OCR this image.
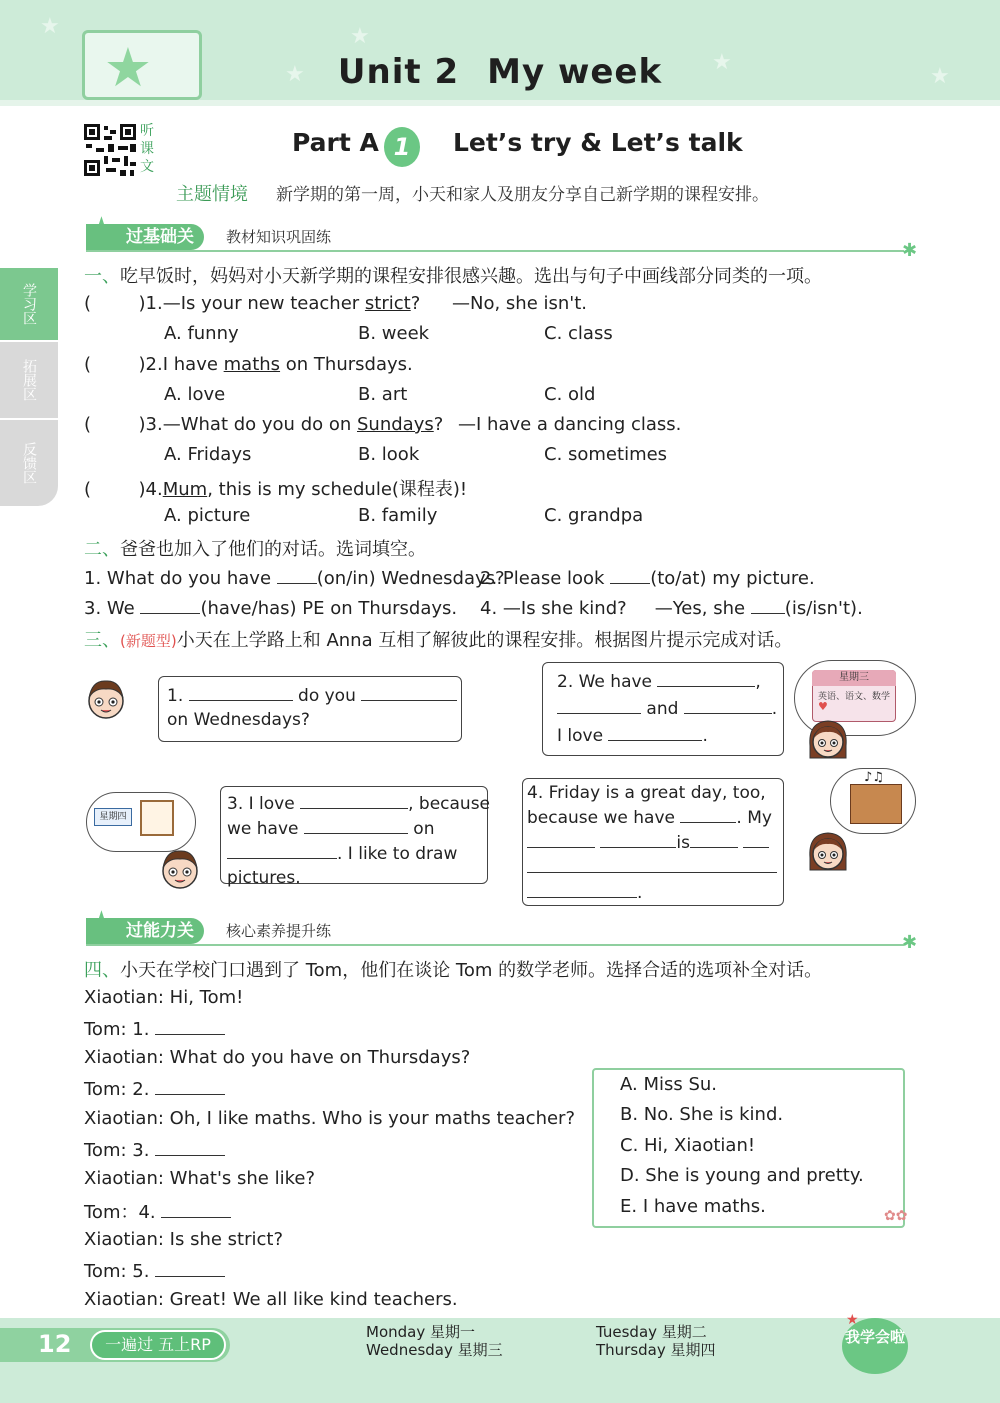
★	★
★	★
★
★	Unit 2 My week
听课文
Part A 1	Let’s try & Let’s talk
主题情境 新学期的第一周，小天和家人及朋友分享自己新学期的课程安排。
学习区
拓展区
反馈区
过基础关	教材知识巩固练
✱
一、吃早饭时，妈妈对小天新学期的课程安排很感兴趣。选出与句子中画线部分同类的一项。
(	)1.—Is your new teacher strict? —No, she isn't.
A. funny	B. week	C. class
(	)2.I have maths on Thursdays.
A. love	B. art	C. old
(	)3.—What do you do on Sundays? —I have a dancing class.
A. Fridays	B. look	C. sometimes
(	)4.Mum, this is my schedule(课程表)!
A. picture	B. family	C. grandpa
二、爸爸也加入了他们的对话。选词填空。
1. What do you have (on/in) Wednesdays?
2. Please look (to/at) my picture.
3. We	(have/has) PE on Thursdays. 4. —Is she kind? —Yes, she (is/isn't).
三、(新题型)小天在上学路上和 Anna 互相了解彼此的课程安排。根据图片提示完成对话。
1.	do you
on Wednesdays?
2. We have	,
and	.
I love	.
星期三
英语、语文、数学
♥
星期四
3. I love	, because
we have	on
. I like to draw
pictures.
4. Friday is a great day, too,
because we have	. My
is
.
♪♫
过能力关	核心素养提升练
✱
四、小天在学校门口遇到了 Tom，他们在谈论 Tom 的数学老师。选择合适的选项补全对话。
Xiaotian: Hi, Tom!
Tom: 1.
Xiaotian: What do you have on Thursdays?
Tom: 2.
Xiaotian: Oh, I like maths. Who is your maths teacher?
Tom: 3.
Xiaotian: What's she like?
Tom：4.
Xiaotian: Is she strict?
Tom: 5.
Xiaotian: Great! We all like kind teachers.
A. Miss Su.
B. No. She is kind.
C. Hi, Xiaotian!
D. She is young and pretty.
E. I have maths.	✿✿
12	一遍过 五上RP
Monday 星期一
Wednesday 星期三
Tuesday 星期二
Thursday 星期四
我学会啦
★
